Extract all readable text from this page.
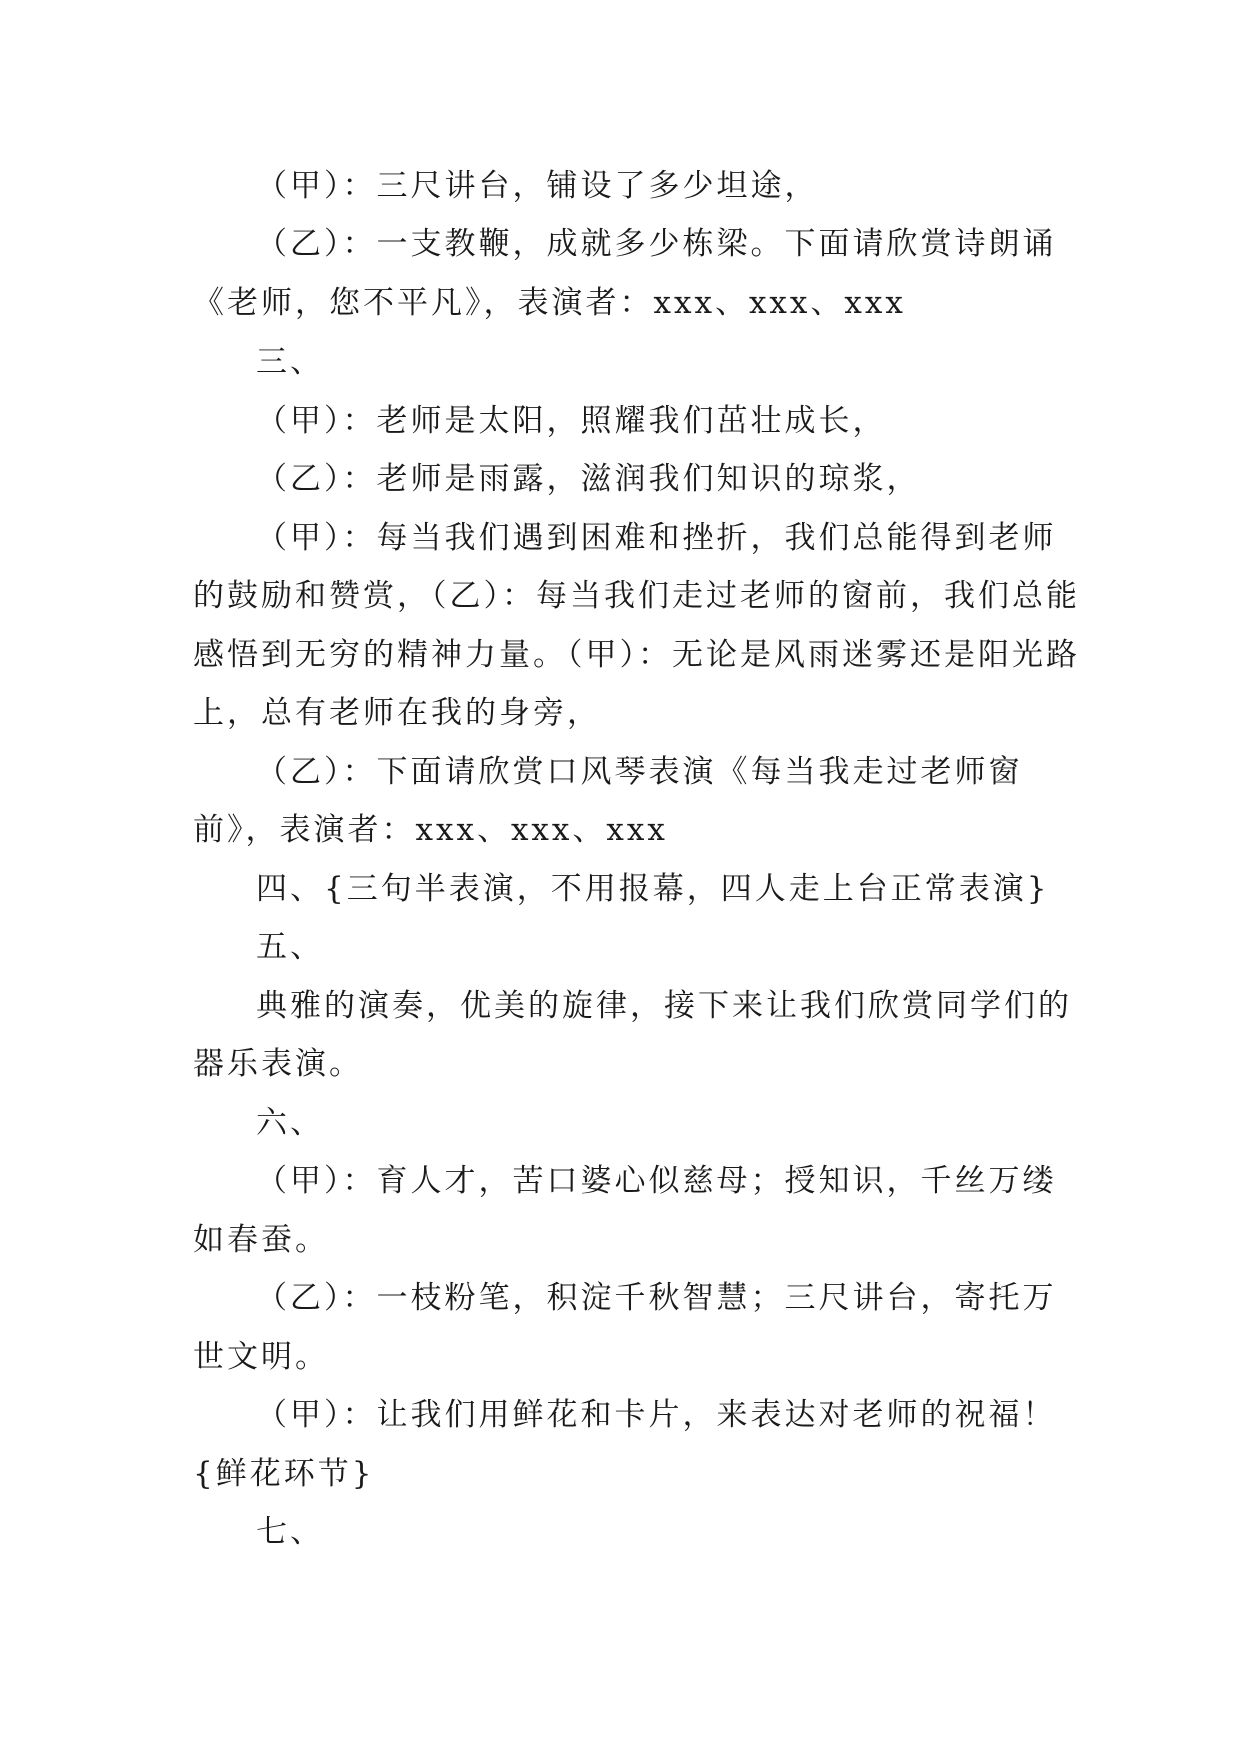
（甲）：三尺讲台，铺设了多少坦途，

（乙）：一支教鞭，成就多少栋梁。下面请欣赏诗朗诵

《老师，您不平凡》，表演者：xxx、xxx、xxx

三、

（甲）：老师是太阳，照耀我们茁壮成长，

（乙）：老师是雨露，滋润我们知识的琼浆，

（甲）：每当我们遇到困难和挫折，我们总能得到老师

的鼓励和赞赏，（乙）：每当我们走过老师的窗前，我们总能

感悟到无穷的精神力量。（甲）：无论是风雨迷雾还是阳光路

上，总有老师在我的身旁，

（乙）：下面请欣赏口风琴表演《每当我走过老师窗

前》，表演者：xxx、xxx、xxx

四、{三句半表演，不用报幕，四人走上台正常表演}

五、

典雅的演奏，优美的旋律，接下来让我们欣赏同学们的

器乐表演。

六、

（甲）：育人才，苦口婆心似慈母；授知识，千丝万缕

如春蚕。

（乙）：一枝粉笔，积淀千秋智慧；三尺讲台，寄托万

世文明。

（甲）：让我们用鲜花和卡片，来表达对老师的祝福！

{鲜花环节}

七、
